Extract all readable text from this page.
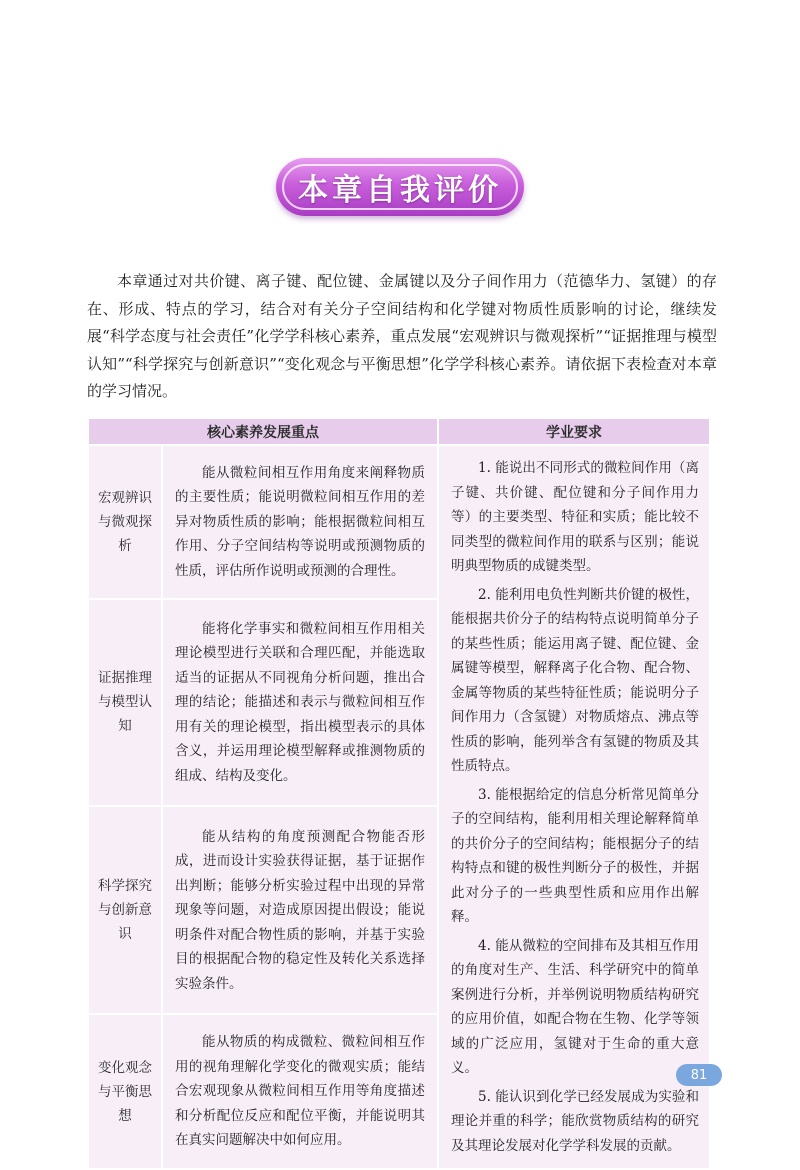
本章自我评价

本章通过对共价键、离子键、配位键、金属键以及分子间作用力（范德华力、氢键）的存在、形成、特点的学习，结合对有关分子空间结构和化学键对物质性质影响的讨论，继续发展“科学态度与社会责任”化学学科核心素养，重点发展“宏观辨识与微观探析”“证据推理与模型认知”“科学探究与创新意识”“变化观念与平衡思想”化学学科核心素养。请依据下表检查对本章的学习情况。

核心素养发展重点		学业要求
宏观辨识与微观探析	能从微粒间相互作用角度来阐释物质的主要性质；能说明微粒间相互作用的差异对物质性质的影响；能根据微粒间相互作用、分子空间结构等说明或预测物质的性质，评估所作说明或预测的合理性。	1. 能说出不同形式的微粒间作用（离子键、共价键、配位键和分子间作用力等）的主要类型、特征和实质；能比较不同类型的微粒间作用的联系与区别；能说明典型物质的成键类型。

2. 能利用电负性判断共价键的极性，能根据共价分子的结构特点说明简单分子的某些性质；能运用离子键、配位键、金属键等模型，解释离子化合物、配合物、金属等物质的某些特征性质；能说明分子间作用力（含氢键）对物质熔点、沸点等性质的影响，能列举含有氢键的物质及其性质特点。

3. 能根据给定的信息分析常见简单分子的空间结构，能利用相关理论解释简单的共价分子的空间结构；能根据分子的结构特点和键的极性判断分子的极性，并据此对分子的一些典型性质和应用作出解释。

4. 能从微粒的空间排布及其相互作用的角度对生产、生活、科学研究中的简单案例进行分析，并举例说明物质结构研究的应用价值，如配合物在生物、化学等领域的广泛应用，氢键对于生命的重大意义。

5. 能认识到化学已经发展成为实验和理论并重的科学；能欣赏物质结构的研究及其理论发展对化学学科发展的贡献。

证据推理与模型认知	能将化学事实和微粒间相互作用相关理论模型进行关联和合理匹配，并能选取适当的证据从不同视角分析问题，推出合理的结论；能描述和表示与微粒间相互作用有关的理论模型，指出模型表示的具体含义，并运用理论模型解释或推测物质的组成、结构及变化。	
科学探究与创新意识	能从结构的角度预测配合物能否形成，进而设计实验获得证据，基于证据作出判断；能够分析实验过程中出现的异常现象等问题，对造成原因提出假设；能说明条件对配合物性质的影响，并基于实验目的根据配合物的稳定性及转化关系选择实验条件。	
变化观念与平衡思想	能从物质的构成微粒、微粒间相互作用的视角理解化学变化的微观实质；能结合宏观现象从微粒间相互作用等角度描述和分析配位反应和配位平衡，并能说明其在真实问题解决中如何应用。	
81
